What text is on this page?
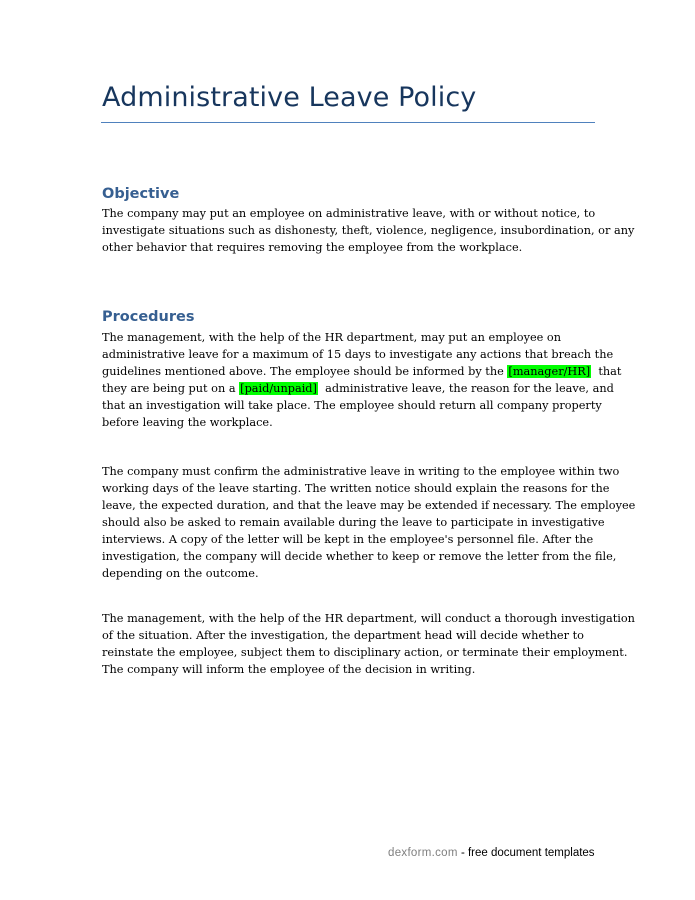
Administrative Leave Policy
Objective
The company may put an employee on administrative leave, with or without notice, to
investigate situations such as dishonesty, theft, violence, negligence, insubordination, or any
other behavior that requires removing the employee from the workplace.
Procedures
The management, with the help of the HR department, may put an employee on
administrative leave for a maximum of 15 days to investigate any actions that breach the
guidelines mentioned above. The employee should be informed by the [manager/HR]  that
they are being put on a [paid/unpaid]  administrative leave, the reason for the leave, and
that an investigation will take place. The employee should return all company property
before leaving the workplace.
The company must confirm the administrative leave in writing to the employee within two
working days of the leave starting. The written notice should explain the reasons for the
leave, the expected duration, and that the leave may be extended if necessary. The employee
should also be asked to remain available during the leave to participate in investigative
interviews. A copy of the letter will be kept in the employee's personnel file. After the
investigation, the company will decide whether to keep or remove the letter from the file,
depending on the outcome.
The management, with the help of the HR department, will conduct a thorough investigation
of the situation. After the investigation, the department head will decide whether to
reinstate the employee, subject them to disciplinary action, or terminate their employment.
The company will inform the employee of the decision in writing.
dexform.com - free document templates
